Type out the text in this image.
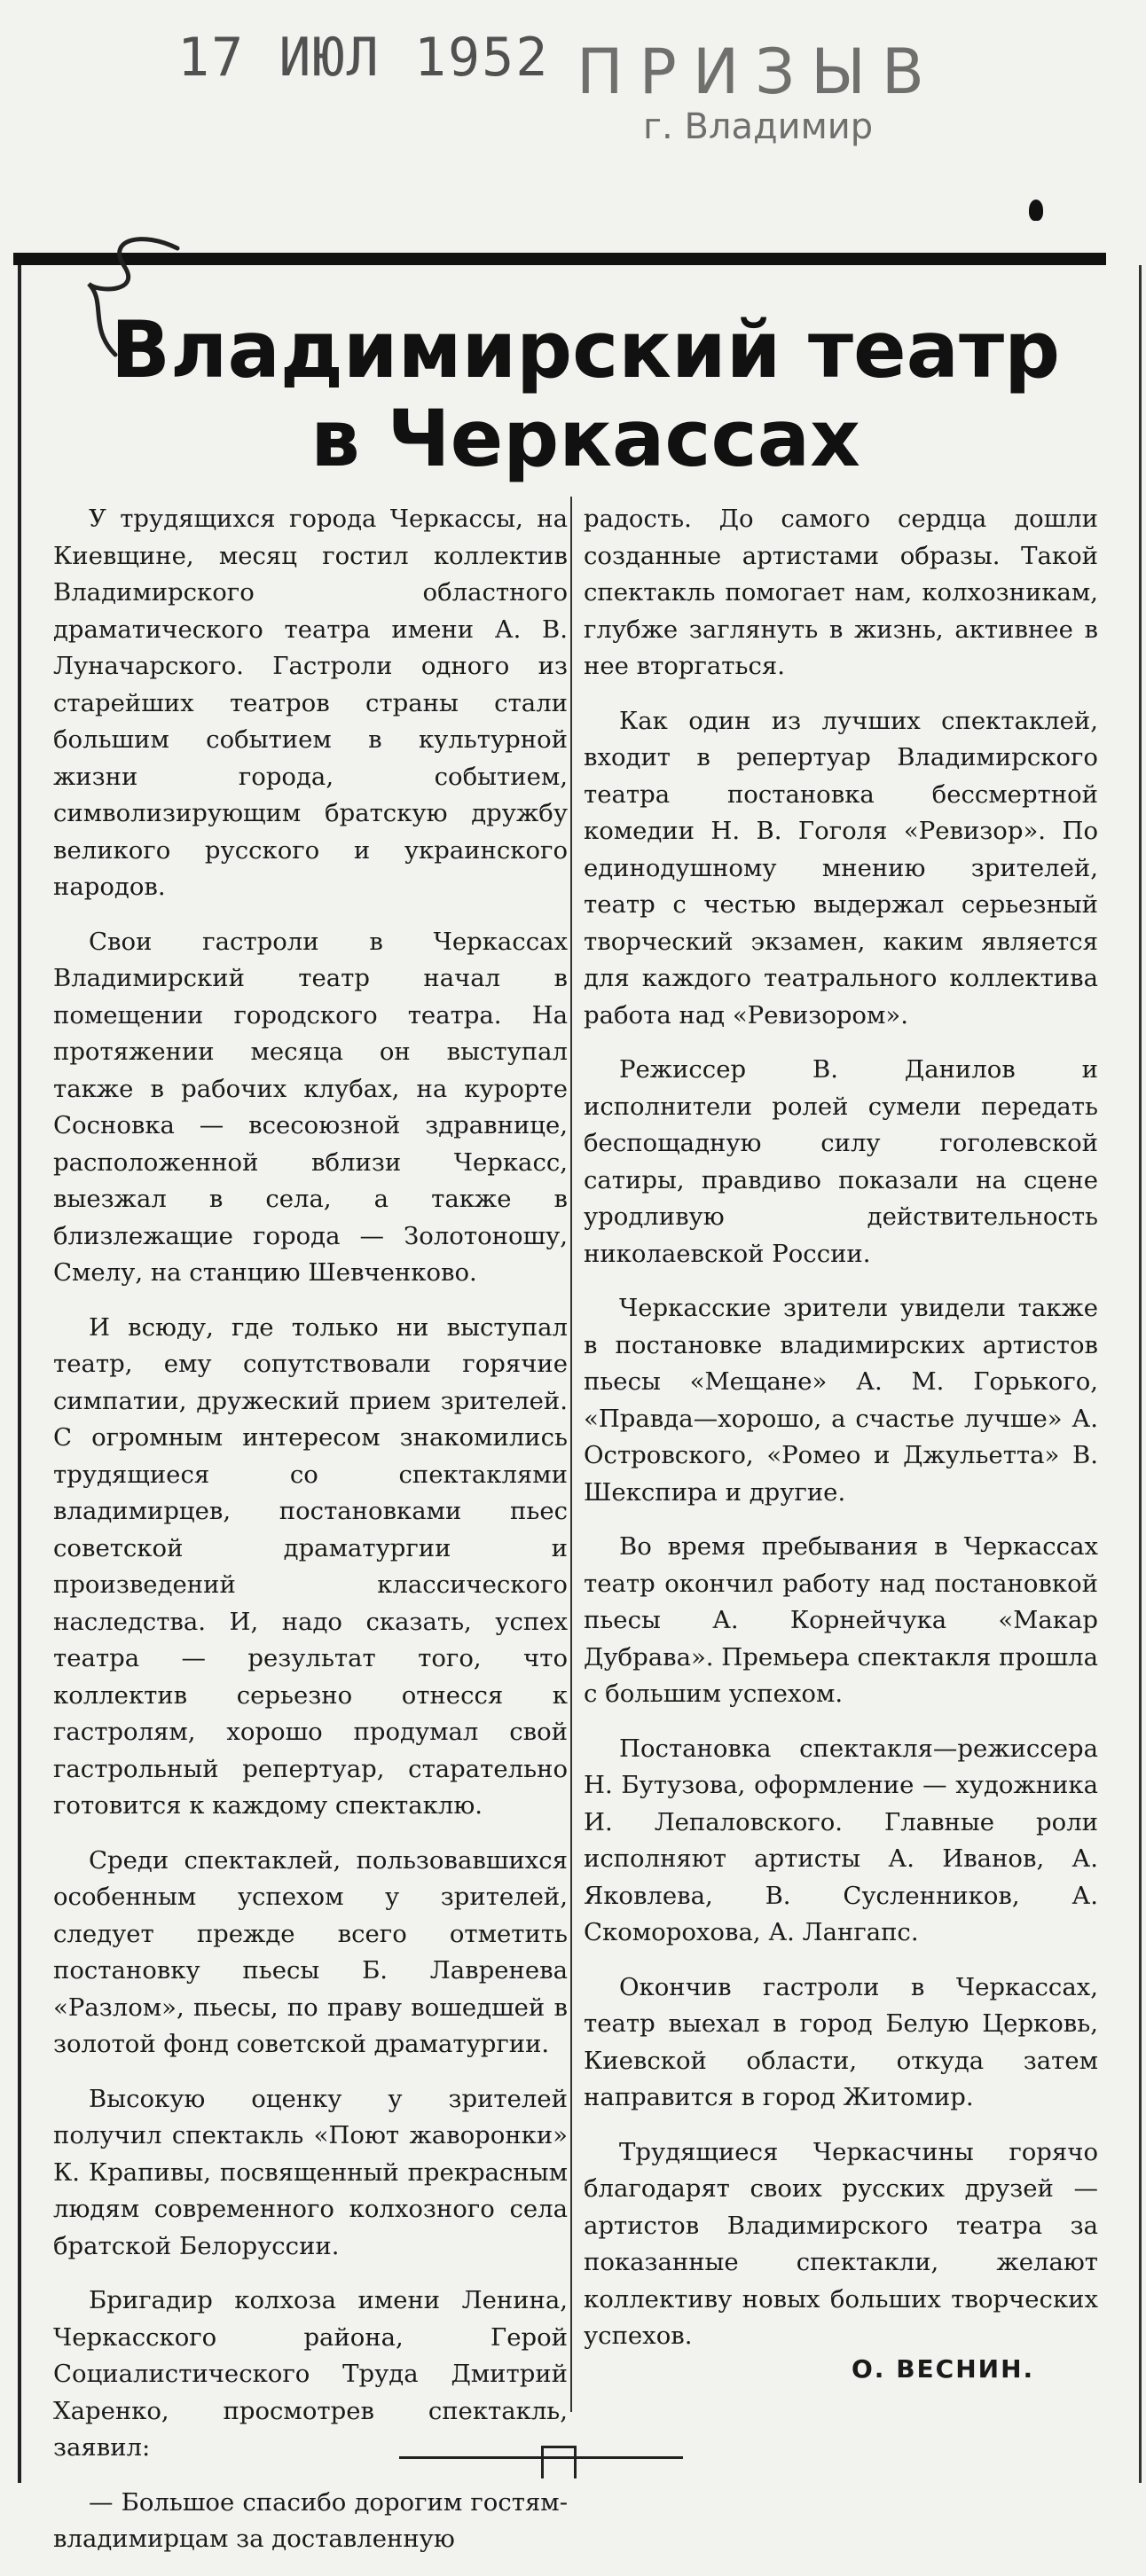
17 ИЮЛ 1952 ПРИЗЫВ
г. Владимир
Владимирский театр
в Черкассах

У трудящихся города Черкассы, на Киевщине, месяц гостил коллектив Владимирского областного драматического театра имени А. В. Луначарского. Гастроли одного из старейших театров страны стали большим событием в культурной жизни города, событием, символизирующим братскую дружбу великого русского и украинского народов.

Свои гастроли в Черкассах Владимирский театр начал в помещении городского театра. На протяжении месяца он выступал также в рабочих клубах, на курорте Сосновка — всесоюзной здравнице, расположенной вблизи Черкасс, выезжал в села, а также в близлежащие города — Золотоношу, Смелу, на станцию Шевченково.

И всюду, где только ни выступал театр, ему сопутствовали горячие симпатии, дружеский прием зрителей. С огромным интересом знакомились трудящиеся со спектаклями владимирцев, постановками пьес советской драматургии и произведений классического наследства. И, надо сказать, успех театра — результат того, что коллектив серьезно отнесся к гастролям, хорошо продумал свой гастрольный репертуар, старательно готовится к каждому спектаклю.

Среди спектаклей, пользовавшихся особенным успехом у зрителей, следует прежде всего отметить постановку пьесы Б. Лавренева «Разлом», пьесы, по праву вошедшей в золотой фонд советской драматургии.

Высокую оценку у зрителей получил спектакль «Поют жаворонки» К. Крапивы, посвященный прекрасным людям современного колхозного села братской Белоруссии.

Бригадир колхоза имени Ленина, Черкасского района, Герой Социалистического Труда Дмитрий Харенко, просмотрев спектакль, заявил:

— Большое спасибо дорогим гостям-владимирцам за доставленную

радость. До самого сердца дошли созданные артистами образы. Такой спектакль помогает нам, колхозникам, глубже заглянуть в жизнь, активнее в нее вторгаться.

Как один из лучших спектаклей, входит в репертуар Владимирского театра постановка бессмертной комедии Н. В. Гоголя «Ревизор». По единодушному мнению зрителей, театр с честью выдержал серьезный творческий экзамен, каким является для каждого театрального коллектива работа над «Ревизором».

Режиссер В. Данилов и исполнители ролей сумели передать беспощадную силу гоголевской сатиры, правдиво показали на сцене уродливую действительность николаевской России.

Черкасские зрители увидели также в постановке владимирских артистов пьесы «Мещане» А. М. Горького, «Правда—хорошо, а счастье лучше» А. Островского, «Ромео и Джульетта» В. Шекспира и другие.

Во время пребывания в Черкассах театр окончил работу над постановкой пьесы А. Корнейчука «Макар Дубрава». Премьера спектакля прошла с большим успехом.

Постановка спектакля—режиссера Н. Бутузова, оформление — художника И. Лепаловского. Главные роли исполняют артисты А. Иванов, А. Яковлева, В. Сусленников, А. Скоморохова, А. Лангапс.

Окончив гастроли в Черкассах, театр выехал в город Белую Церковь, Киевской области, откуда затем направится в город Житомир.

Трудящиеся Черкасчины горячо благодарят своих русских друзей — артистов Владимирского театра за показанные спектакли, желают коллективу новых больших творческих успехов.

О. ВЕСНИН.
